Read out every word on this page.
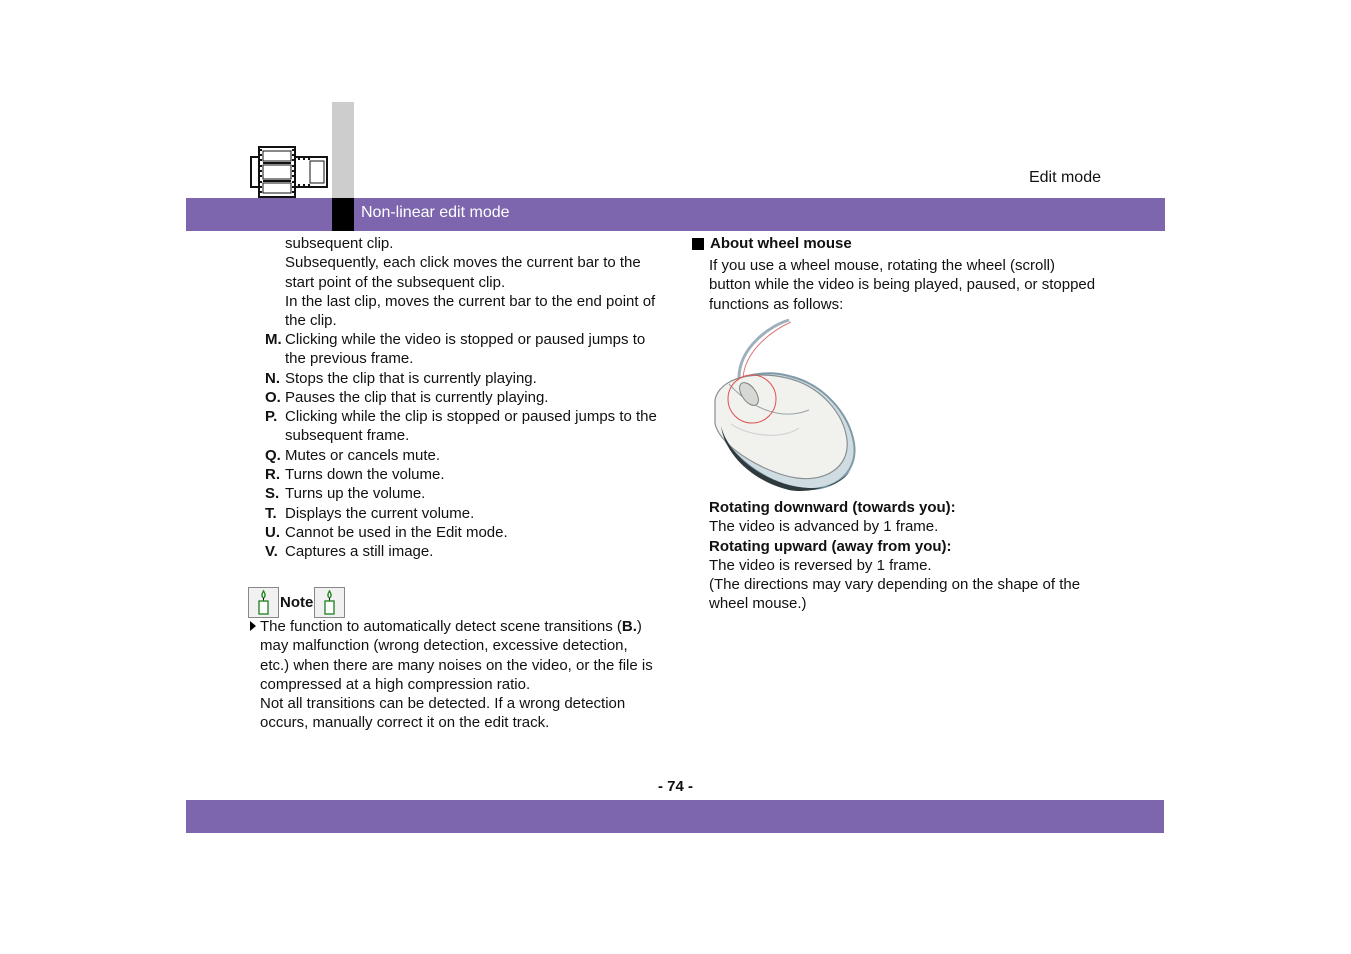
Edit mode
Non-linear edit mode

subsequent clip.

Subsequently, each click moves the current bar to the start point of the subsequent clip.

In the last clip, moves the current bar to the end point of the clip.

M. Clicking while the video is stopped or paused jumps to the previous frame.
N. Stops the clip that is currently playing.
O. Pauses the clip that is currently playing.
P. Clicking while the clip is stopped or paused jumps to the subsequent frame.
Q. Mutes or cancels mute.
R. Turns down the volume.
S. Turns up the volume.
T. Displays the current volume.
U. Cannot be used in the Edit mode.
V. Captures a still image.
Note

The function to automatically detect scene transitions (B.) may malfunction (wrong detection, excessive detection, etc.) when there are many noises on the video, or the file is compressed at a high compression ratio.

Not all transitions can be detected. If a wrong detection occurs, manually correct it on the edit track.

About wheel mouse
If you use a wheel mouse, rotating the wheel (scroll) button while the video is being played, paused, or stopped functions as follows:

Rotating downward (towards you):

The video is advanced by 1 frame.

Rotating upward (away from you):

The video is reversed by 1 frame.

(The directions may vary depending on the shape of the wheel mouse.)

- 74 -
